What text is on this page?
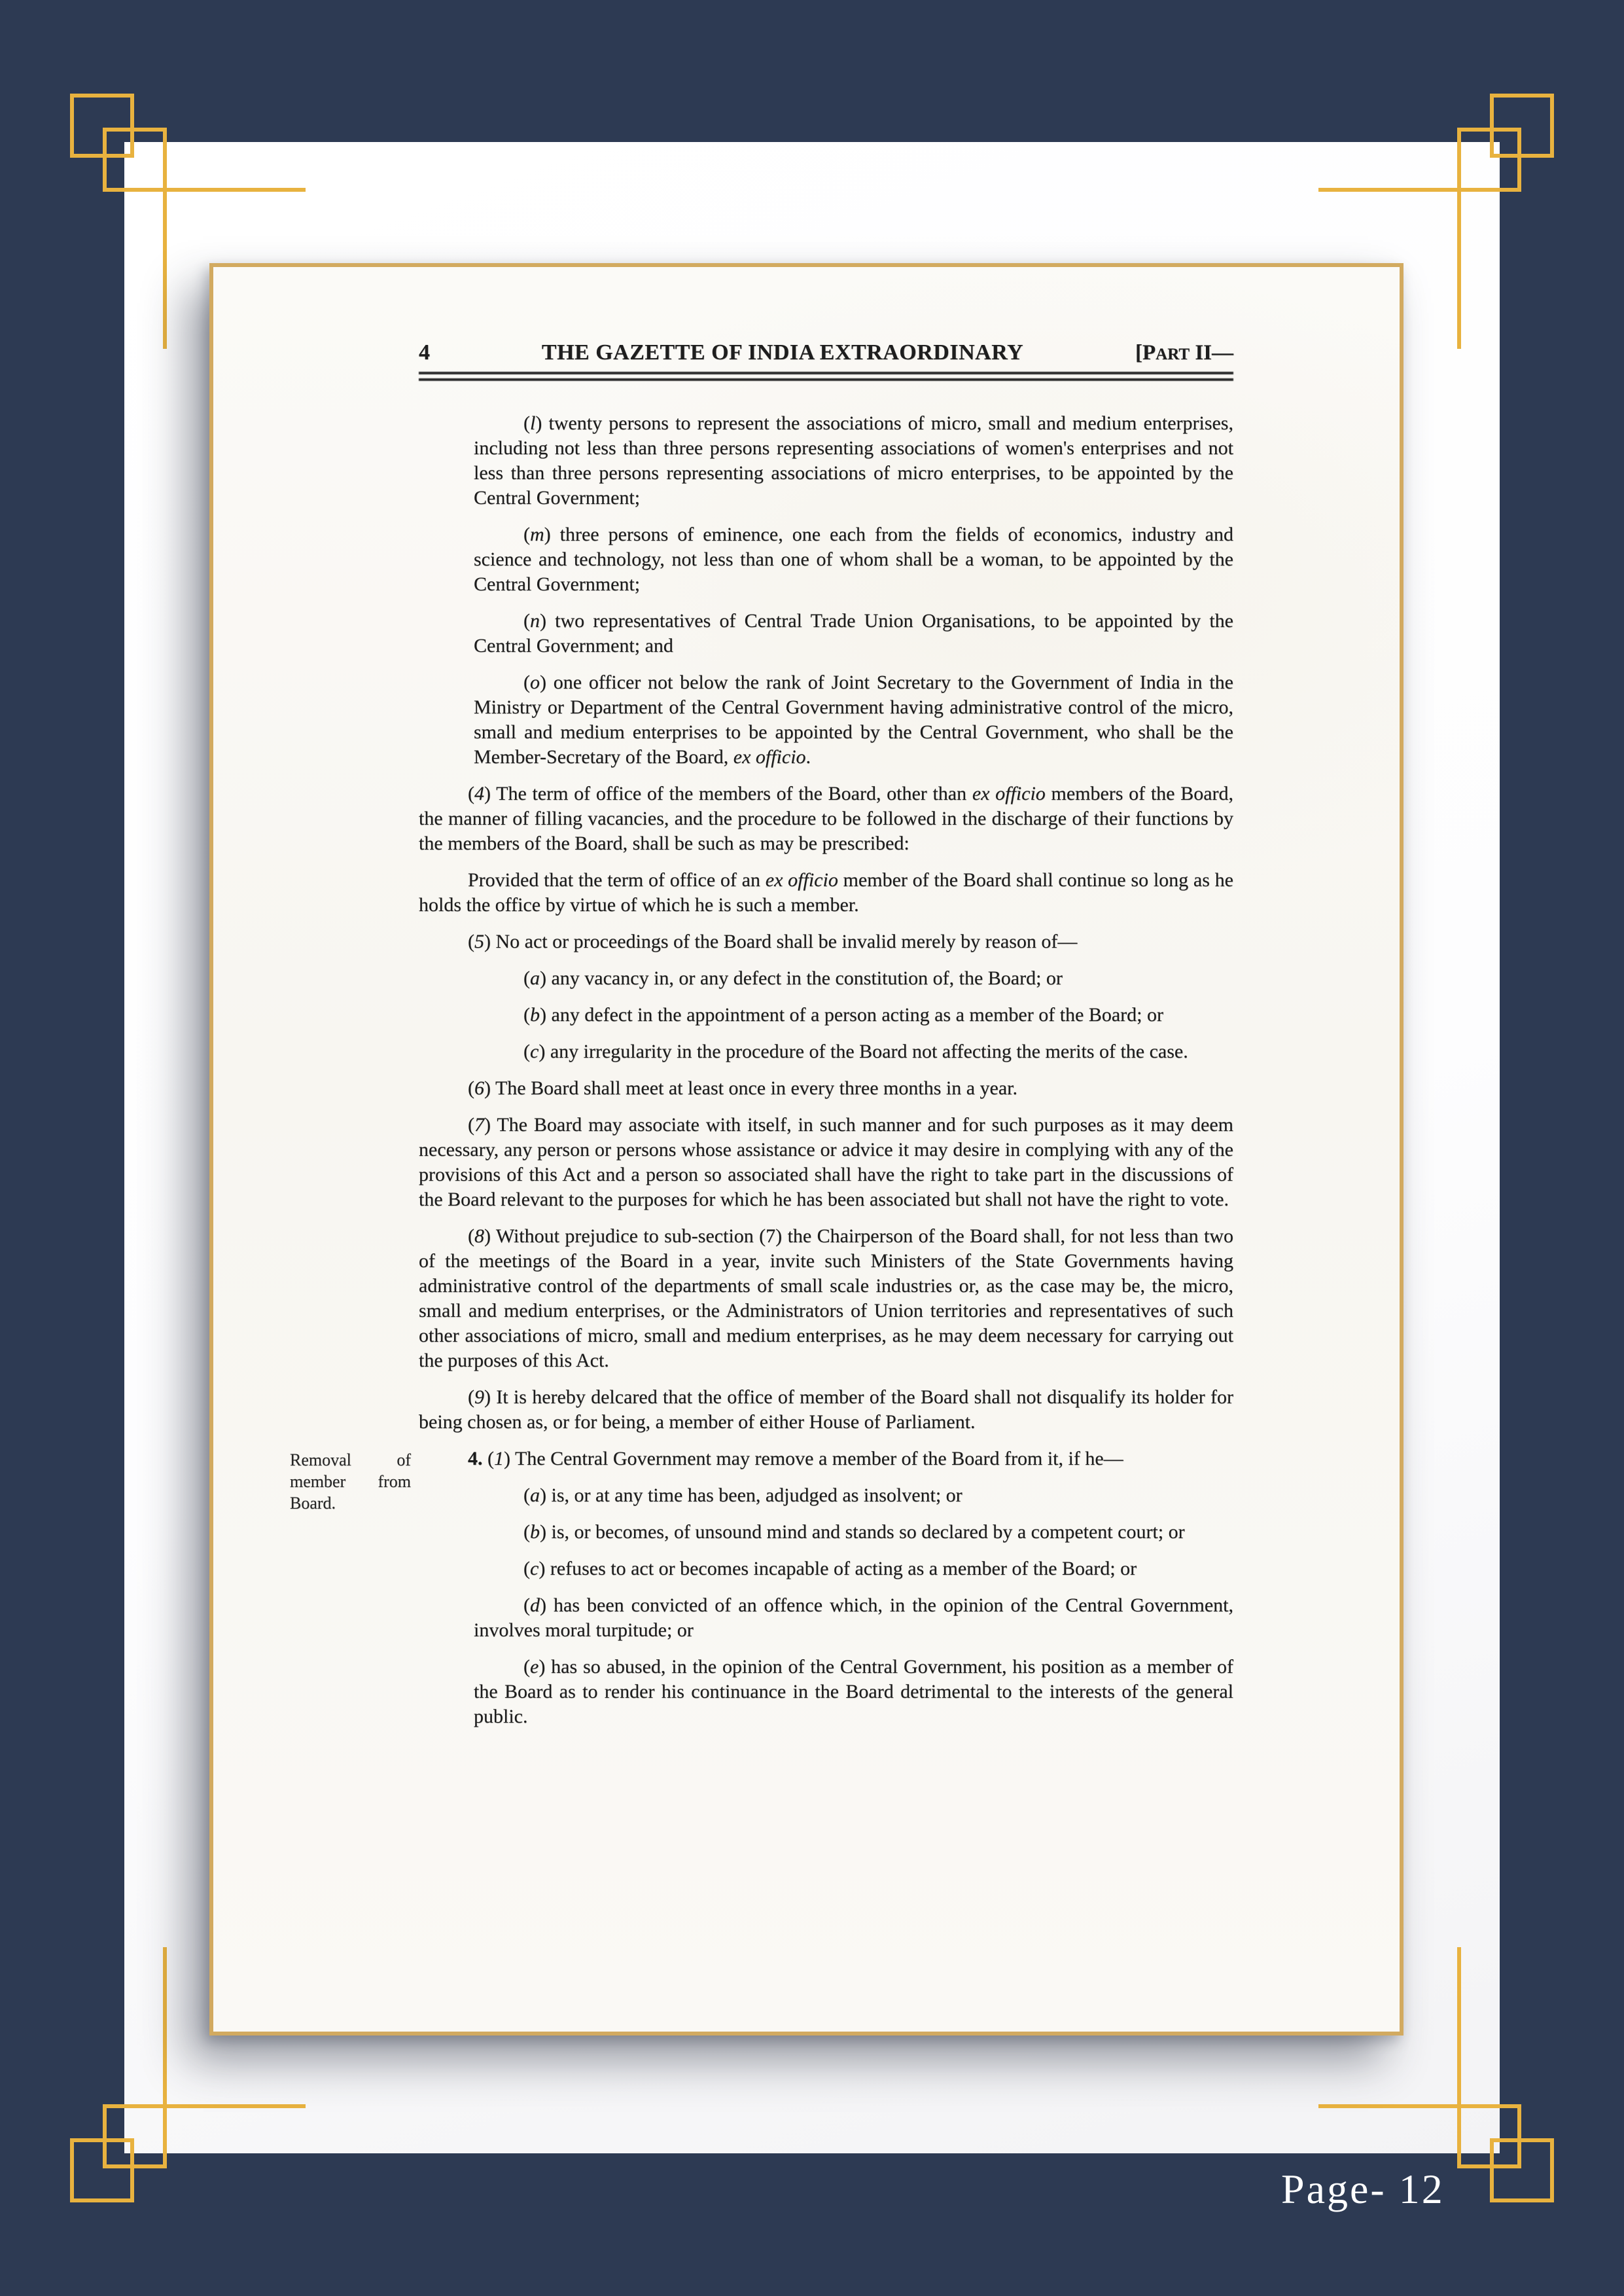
4	THE GAZETTE OF INDIA EXTRAORDINARY	[PART II—

(l) twenty persons to represent the associations of micro, small and medium enterprises, including not less than three persons representing associations of women's enterprises and not less than three persons representing associations of micro enterprises, to be appointed by the Central Government;

(m) three persons of eminence, one each from the fields of economics, industry and science and technology, not less than one of whom shall be a woman, to be appointed by the Central Government;

(n) two representatives of Central Trade Union Organisations, to be appointed by the Central Government; and

(o) one officer not below the rank of Joint Secretary to the Government of India in the Ministry or Department of the Central Government having administrative control of the micro, small and medium enterprises to be appointed by the Central Government, who shall be the Member-Secretary of the Board, ex officio.

(4) The term of office of the members of the Board, other than ex officio members of the Board, the manner of filling vacancies, and the procedure to be followed in the discharge of their functions by the members of the Board, shall be such as may be prescribed:

Provided that the term of office of an ex officio member of the Board shall continue so long as he holds the office by virtue of which he is such a member.

(5) No act or proceedings of the Board shall be invalid merely by reason of—

(a) any vacancy in, or any defect in the constitution of, the Board; or

(b) any defect in the appointment of a person acting as a member of the Board; or

(c) any irregularity in the procedure of the Board not affecting the merits of the case.

(6) The Board shall meet at least once in every three months in a year.

(7) The Board may associate with itself, in such manner and for such purposes as it may deem necessary, any person or persons whose assistance or advice it may desire in complying with any of the provisions of this Act and a person so associated shall have the right to take part in the discussions of the Board relevant to the purposes for which he has been associated but shall not have the right to vote.

(8) Without prejudice to sub-section (7) the Chairperson of the Board shall, for not less than two of the meetings of the Board in a year, invite such Ministers of the State Governments having administrative control of the departments of small scale industries or, as the case may be, the micro, small and medium enterprises, or the Administrators of Union territories and representatives of such other associations of micro, small and medium enterprises, as he may deem necessary for carrying out the purposes of this Act.

(9) It is hereby delcared that the office of member of the Board shall not disqualify its holder for being chosen as, or for being, a member of either House of Parliament.

4. (1) The Central Government may remove a member of the Board from it, if he—
Removal of member from Board.	(a) is, or at any time has been, adjudged as insolvent; or

(b) is, or becomes, of unsound mind and stands so declared by a competent court; or

(c) refuses to act or becomes incapable of acting as a member of the Board; or

(d) has been convicted of an offence which, in the opinion of the Central Government, involves moral turpitude; or

(e) has so abused, in the opinion of the Central Government, his position as a member of the Board as to render his continuance in the Board detrimental to the interests of the general public.

Page- 12
